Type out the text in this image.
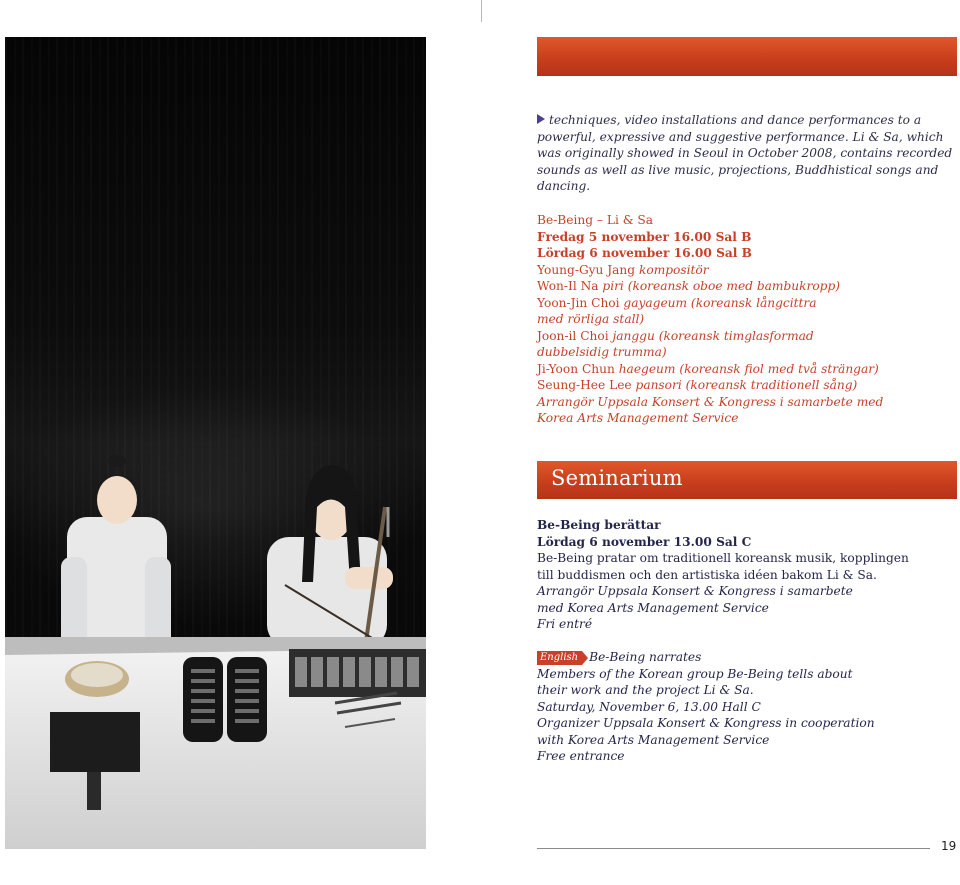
techniques, video installations and dance performances to a
powerful, expressive and suggestive performance. Li & Sa, which
was originally showed in Seoul in October 2008, contains recorded
sounds as well as live music, projections, Buddhistical songs and
dancing.
Be-Being – Li & Sa
Fredag 5 november 16.00 Sal B
Lördag 6 november 16.00 Sal B
Young-Gyu Jang kompositör
Won-Il Na piri (koreansk oboe med bambukropp)
Yoon-Jin Choi gayageum (koreansk långcittra
med rörliga stall)
Joon-il Choi janggu (koreansk timglasformad
dubbelsidig trumma)
Ji-Yoon Chun haegeum (koreansk fiol med två strängar)
Seung-Hee Lee pansori (koreansk traditionell sång)
Arrangör Uppsala Konsert & Kongress i samarbete med
Korea Arts Management Service
Seminarium
Be-Being berättar
Lördag 6 november 13.00 Sal C
Be-Being pratar om traditionell koreansk musik, kopplingen
till buddismen och den artistiska idéen bakom Li & Sa.
Arrangör Uppsala Konsert & Kongress i samarbete
med Korea Arts Management Service
Fri entré
English Be-Being narrates
Members of the Korean group Be-Being tells about
their work and the project Li & Sa.
Saturday, November 6, 13.00 Hall C
Organizer Uppsala Konsert & Kongress in cooperation
with Korea Arts Management Service
Free entrance
19
